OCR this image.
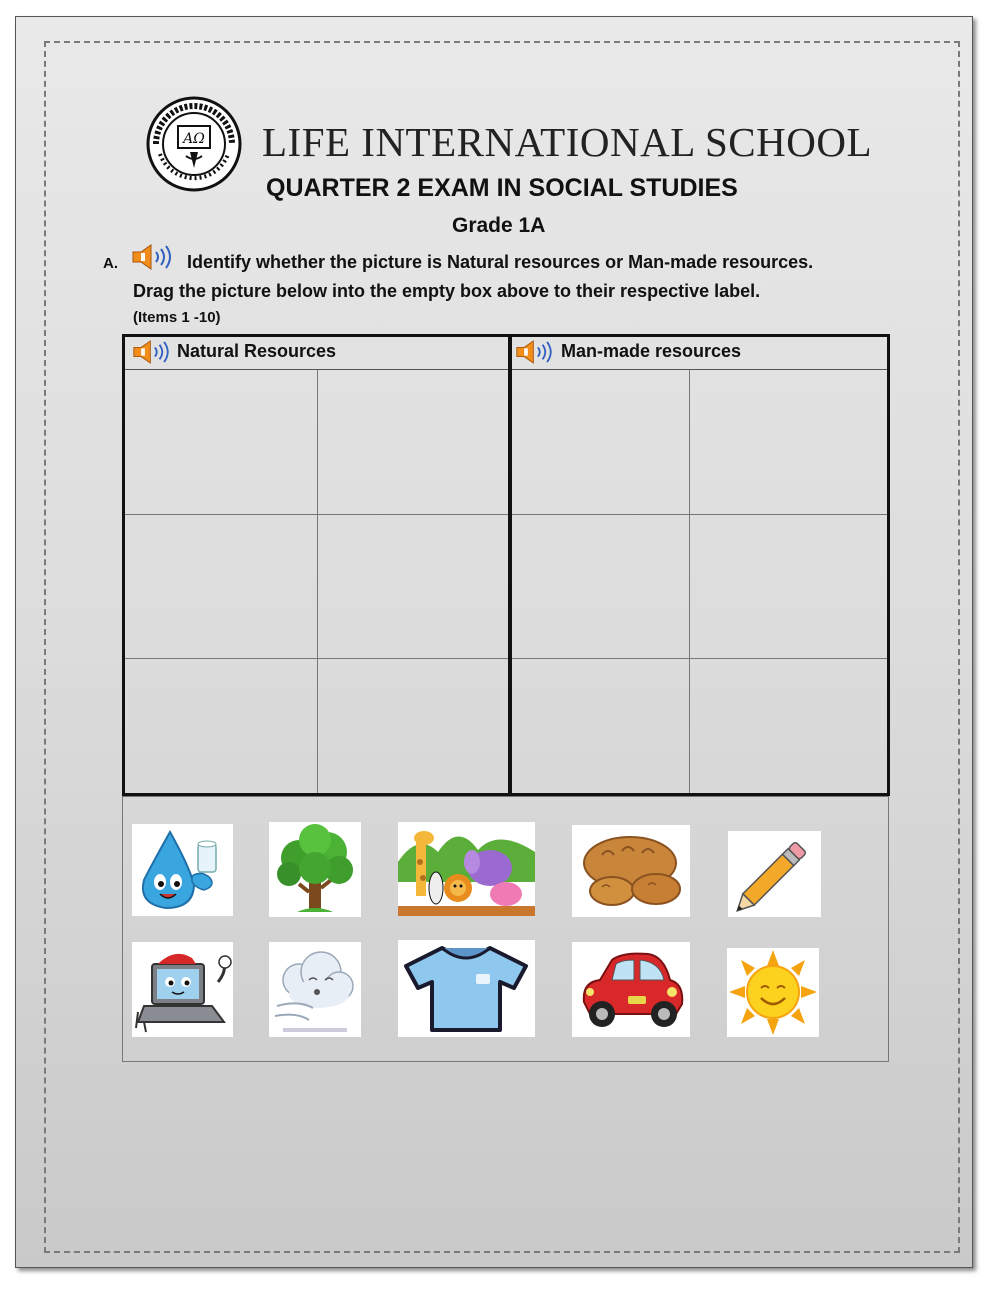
AΩ LIFE INTERNATIONAL SCHOOL
QUARTER 2 EXAM IN SOCIAL STUDIES
Grade 1A
A.	Identify whether the picture is Natural resources or Man-made resources.
Drag the picture below into the empty box above to their respective label.
(Items 1 -10)
Natural Resources	Man-made resources
